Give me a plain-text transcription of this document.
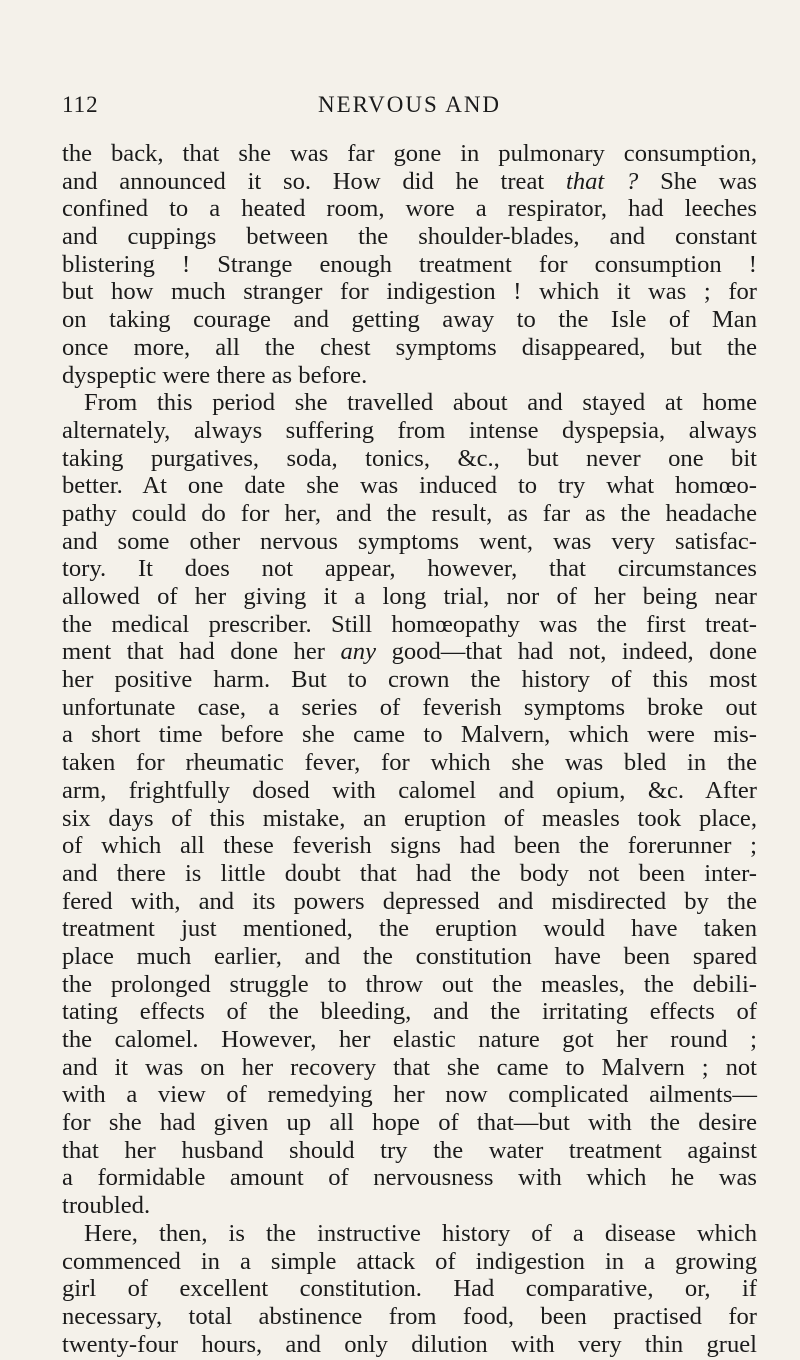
112	NERVOUS AND
the back, that she was far gone in pulmonary consumption,
and announced it so. How did he treat that ? She was
confined to a heated room, wore a respirator, had leeches
and cuppings between the shoulder-blades, and constant
blistering ! Strange enough treatment for consumption !
but how much stranger for indigestion ! which it was ; for
on taking courage and getting away to the Isle of Man
once more, all the chest symptoms disappeared, but the
dyspeptic were there as before.
From this period she travelled about and stayed at home
alternately, always suffering from intense dyspepsia, always
taking purgatives, soda, tonics, &c., but never one bit
better. At one date she was induced to try what homœo-
pathy could do for her, and the result, as far as the headache
and some other nervous symptoms went, was very satisfac-
tory. It does not appear, however, that circumstances
allowed of her giving it a long trial, nor of her being near
the medical prescriber. Still homœopathy was the first treat-
ment that had done her any good—that had not, indeed, done
her positive harm. But to crown the history of this most
unfortunate case, a series of feverish symptoms broke out
a short time before she came to Malvern, which were mis-
taken for rheumatic fever, for which she was bled in the
arm, frightfully dosed with calomel and opium, &c. After
six days of this mistake, an eruption of measles took place,
of which all these feverish signs had been the forerunner ;
and there is little doubt that had the body not been inter-
fered with, and its powers depressed and misdirected by the
treatment just mentioned, the eruption would have taken
place much earlier, and the constitution have been spared
the prolonged struggle to throw out the measles, the debili-
tating effects of the bleeding, and the irritating effects of
the calomel. However, her elastic nature got her round ;
and it was on her recovery that she came to Malvern ; not
with a view of remedying her now complicated ailments—
for she had given up all hope of that—but with the desire
that her husband should try the water treatment against
a formidable amount of nervousness with which he was
troubled.
Here, then, is the instructive history of a disease which
commenced in a simple attack of indigestion in a growing
girl of excellent constitution. Had comparative, or, if
necessary, total abstinence from food, been practised for
twenty-four hours, and only dilution with very thin gruel
